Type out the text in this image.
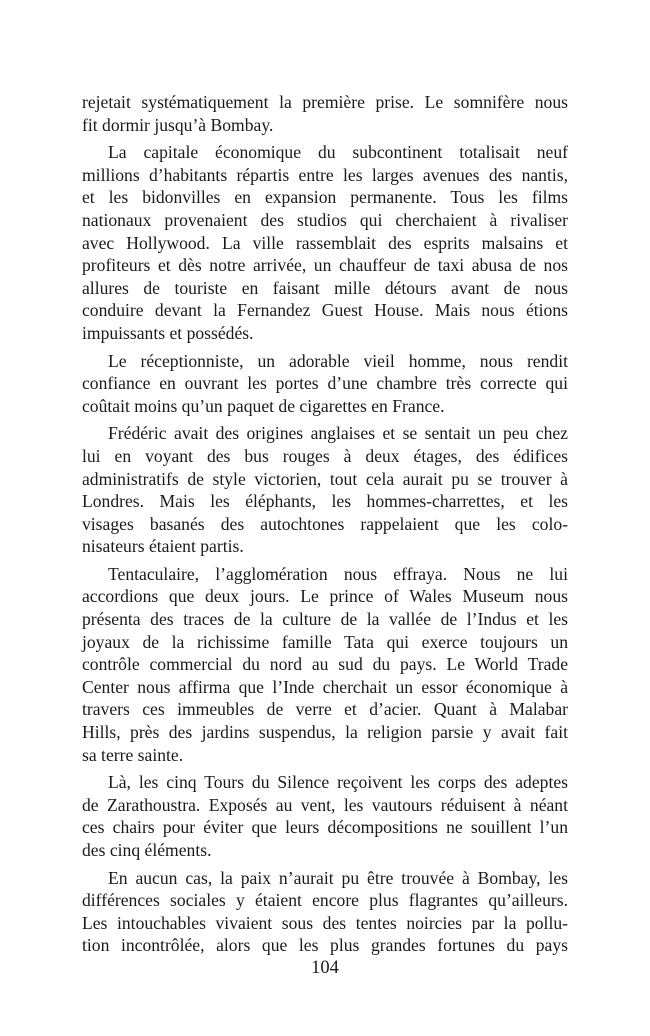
rejetait systématiquement la première prise. Le somnifère nous
fit dormir jusqu’à Bombay.

La capitale économique du subcontinent totalisait neuf
millions d’habitants répartis entre les larges avenues des nantis,
et les bidonvilles en expansion permanente. Tous les films
nationaux provenaient des studios qui cherchaient à rivaliser
avec Hollywood. La ville rassemblait des esprits malsains et
profiteurs et dès notre arrivée, un chauffeur de taxi abusa de nos
allures de touriste en faisant mille détours avant de nous
conduire devant la Fernandez Guest House. Mais nous étions
impuissants et possédés.

Le réceptionniste, un adorable vieil homme, nous rendit
confiance en ouvrant les portes d’une chambre très correcte qui
coûtait moins qu’un paquet de cigarettes en France.

Frédéric avait des origines anglaises et se sentait un peu chez
lui en voyant des bus rouges à deux étages, des édifices
administratifs de style victorien, tout cela aurait pu se trouver à
Londres. Mais les éléphants, les hommes-charrettes, et les
visages basanés des autochtones rappelaient que les colo-
nisateurs étaient partis.

Tentaculaire, l’agglomération nous effraya. Nous ne lui
accordions que deux jours. Le prince of Wales Museum nous
présenta des traces de la culture de la vallée de l’Indus et les
joyaux de la richissime famille Tata qui exerce toujours un
contrôle commercial du nord au sud du pays. Le World Trade
Center nous affirma que l’Inde cherchait un essor économique à
travers ces immeubles de verre et d’acier. Quant à Malabar
Hills, près des jardins suspendus, la religion parsie y avait fait
sa terre sainte.

Là, les cinq Tours du Silence reçoivent les corps des adeptes
de Zarathoustra. Exposés au vent, les vautours réduisent à néant
ces chairs pour éviter que leurs décompositions ne souillent l’un
des cinq éléments.

En aucun cas, la paix n’aurait pu être trouvée à Bombay, les
différences sociales y étaient encore plus flagrantes qu’ailleurs.
Les intouchables vivaient sous des tentes noircies par la pollu-
tion incontrôlée, alors que les plus grandes fortunes du pays

104
